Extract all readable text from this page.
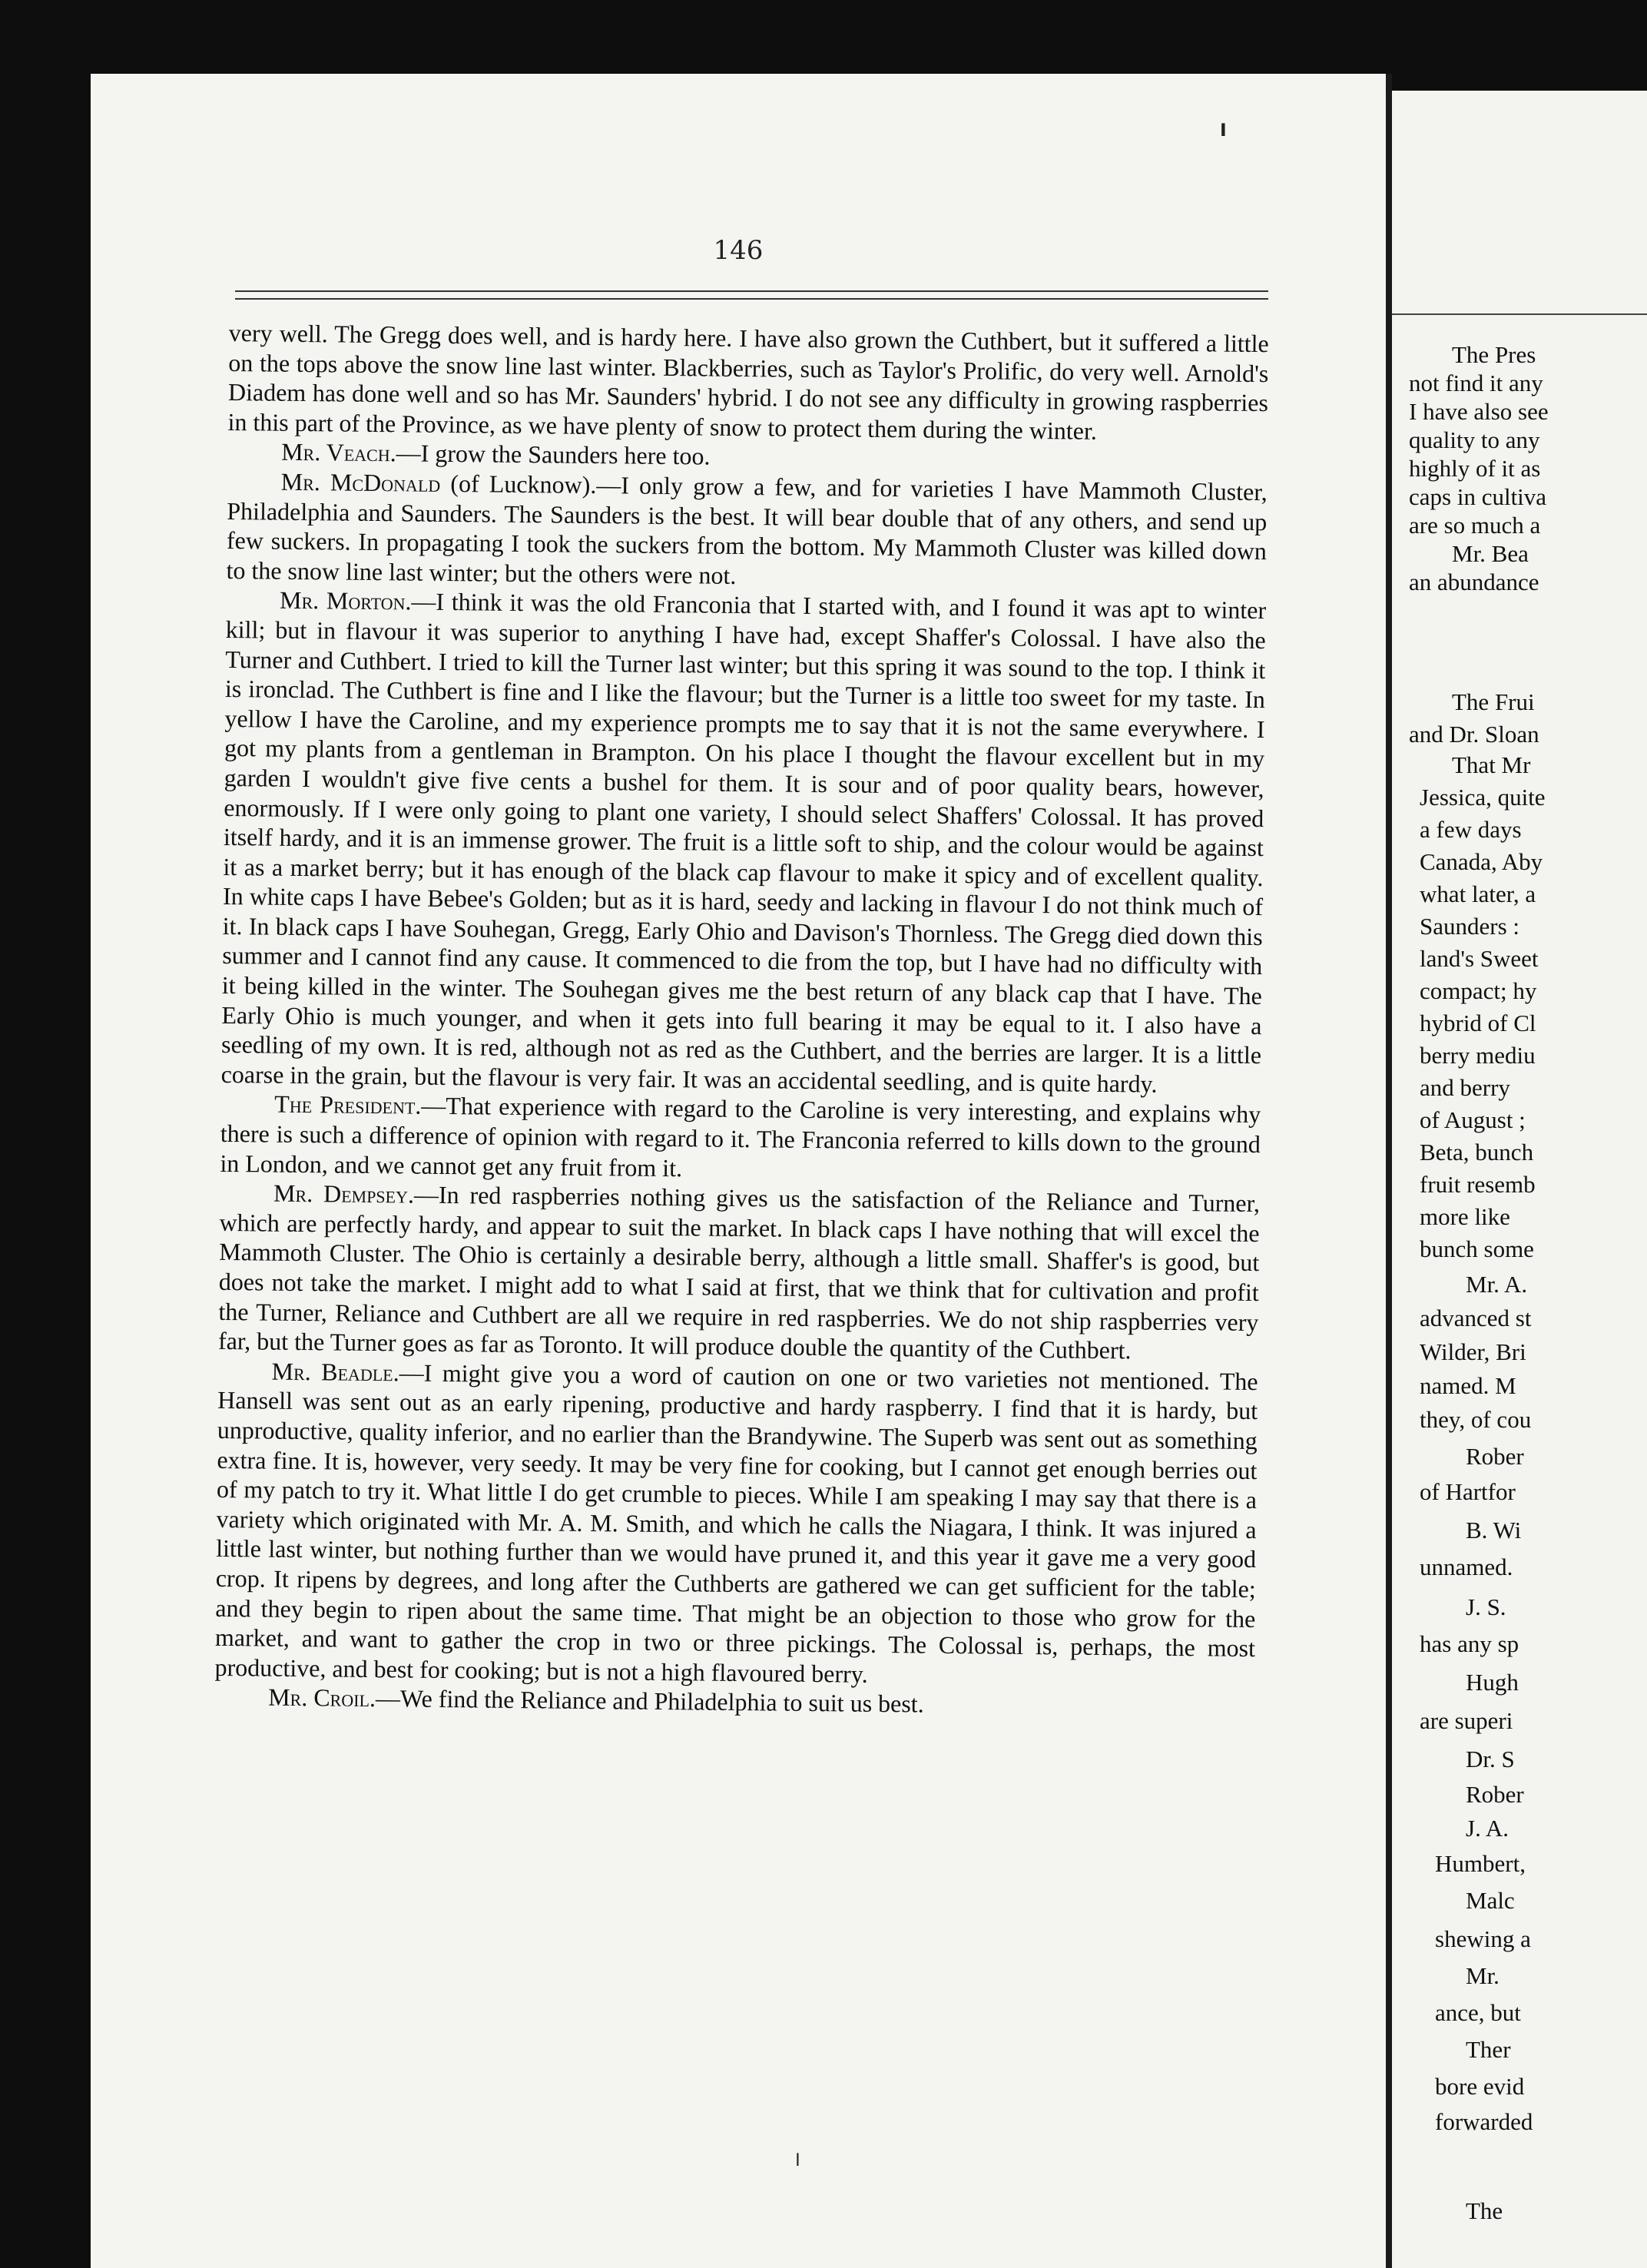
146

very well. The Gregg does well, and is hardy here. I have also grown the Cuthbert, but it suffered a little on the tops above the snow line last winter. Blackberries, such as Taylor's Prolific, do very well. Arnold's Diadem has done well and so has Mr. Saunders' hybrid. I do not see any difficulty in growing raspberries in this part of the Province, as we have plenty of snow to protect them during the winter.

Mr. Veach.—I grow the Saunders here too.

Mr. McDonald (of Lucknow).—I only grow a few, and for varieties I have Mammoth Cluster, Philadelphia and Saunders. The Saunders is the best. It will bear double that of any others, and send up few suckers. In propagating I took the suckers from the bottom. My Mammoth Cluster was killed down to the snow line last winter; but the others were not.

Mr. Morton.—I think it was the old Franconia that I started with, and I found it was apt to winter kill; but in flavour it was superior to anything I have had, except Shaffer's Colossal. I have also the Turner and Cuthbert. I tried to kill the Turner last winter; but this spring it was sound to the top. I think it is ironclad. The Cuthbert is fine and I like the flavour; but the Turner is a little too sweet for my taste. In yellow I have the Caroline, and my experience prompts me to say that it is not the same everywhere. I got my plants from a gentleman in Brampton. On his place I thought the flavour excellent but in my garden I wouldn't give five cents a bushel for them. It is sour and of poor quality bears, however, enormously. If I were only going to plant one variety, I should select Shaffers' Colossal. It has proved itself hardy, and it is an immense grower. The fruit is a little soft to ship, and the colour would be against it as a market berry; but it has enough of the black cap flavour to make it spicy and of excellent quality. In white caps I have Bebee's Golden; but as it is hard, seedy and lacking in flavour I do not think much of it. In black caps I have Souhegan, Gregg, Early Ohio and Davison's Thornless. The Gregg died down this summer and I cannot find any cause. It commenced to die from the top, but I have had no difficulty with it being killed in the winter. The Souhegan gives me the best return of any black cap that I have. The Early Ohio is much younger, and when it gets into full bearing it may be equal to it. I also have a seedling of my own. It is red, although not as red as the Cuthbert, and the berries are larger. It is a little coarse in the grain, but the flavour is very fair. It was an accidental seedling, and is quite hardy.

The President.—That experience with regard to the Caroline is very interesting, and explains why there is such a difference of opinion with regard to it. The Franconia referred to kills down to the ground in London, and we cannot get any fruit from it.

Mr. Dempsey.—In red raspberries nothing gives us the satisfaction of the Reliance and Turner, which are perfectly hardy, and appear to suit the market. In black caps I have nothing that will excel the Mammoth Cluster. The Ohio is certainly a desirable berry, although a little small. Shaffer's is good, but does not take the market. I might add to what I said at first, that we think that for cultivation and profit the Turner, Reliance and Cuthbert are all we require in red raspberries. We do not ship raspberries very far, but the Turner goes as far as Toronto. It will produce double the quantity of the Cuthbert.

Mr. Beadle.—I might give you a word of caution on one or two varieties not mentioned. The Hansell was sent out as an early ripening, productive and hardy raspberry. I find that it is hardy, but unproductive, quality inferior, and no earlier than the Brandywine. The Superb was sent out as something extra fine. It is, however, very seedy. It may be very fine for cooking, but I cannot get enough berries out of my patch to try it. What little I do get crumble to pieces. While I am speaking I may say that there is a variety which originated with Mr. A. M. Smith, and which he calls the Niagara, I think. It was injured a little last winter, but nothing further than we would have pruned it, and this year it gave me a very good crop. It ripens by degrees, and long after the Cuthberts are gathered we can get sufficient for the table; and they begin to ripen about the same time. That might be an objection to those who grow for the market, and want to gather the crop in two or three pickings. The Colossal is, perhaps, the most productive, and best for cooking; but is not a high flavoured berry.

Mr. Croil.—We find the Reliance and Philadelphia to suit us best.

╻
╷
The Pres
not find it any
I have also see
quality to any
highly of it as
caps in cultiva
are so much a
Mr. Bea
an abundance
The Frui
and Dr. Sloan
That Mr
Jessica, quite
a few days
Canada, Aby
what later, a
Saunders :
land's Sweet
compact; hy
hybrid of Cl
berry mediu
and berry
of August ;
Beta, bunch
fruit resemb
more like
bunch some
Mr. A.
advanced st
Wilder, Bri
named. M
they, of cou
Rober
of Hartfor
B. Wi
unnamed.
J. S.
has any sp
Hugh
are superi
Dr. S
Rober
J. A.
Humbert,
Malc
shewing a
Mr.
ance, but
Ther
bore evid
forwarded
The
